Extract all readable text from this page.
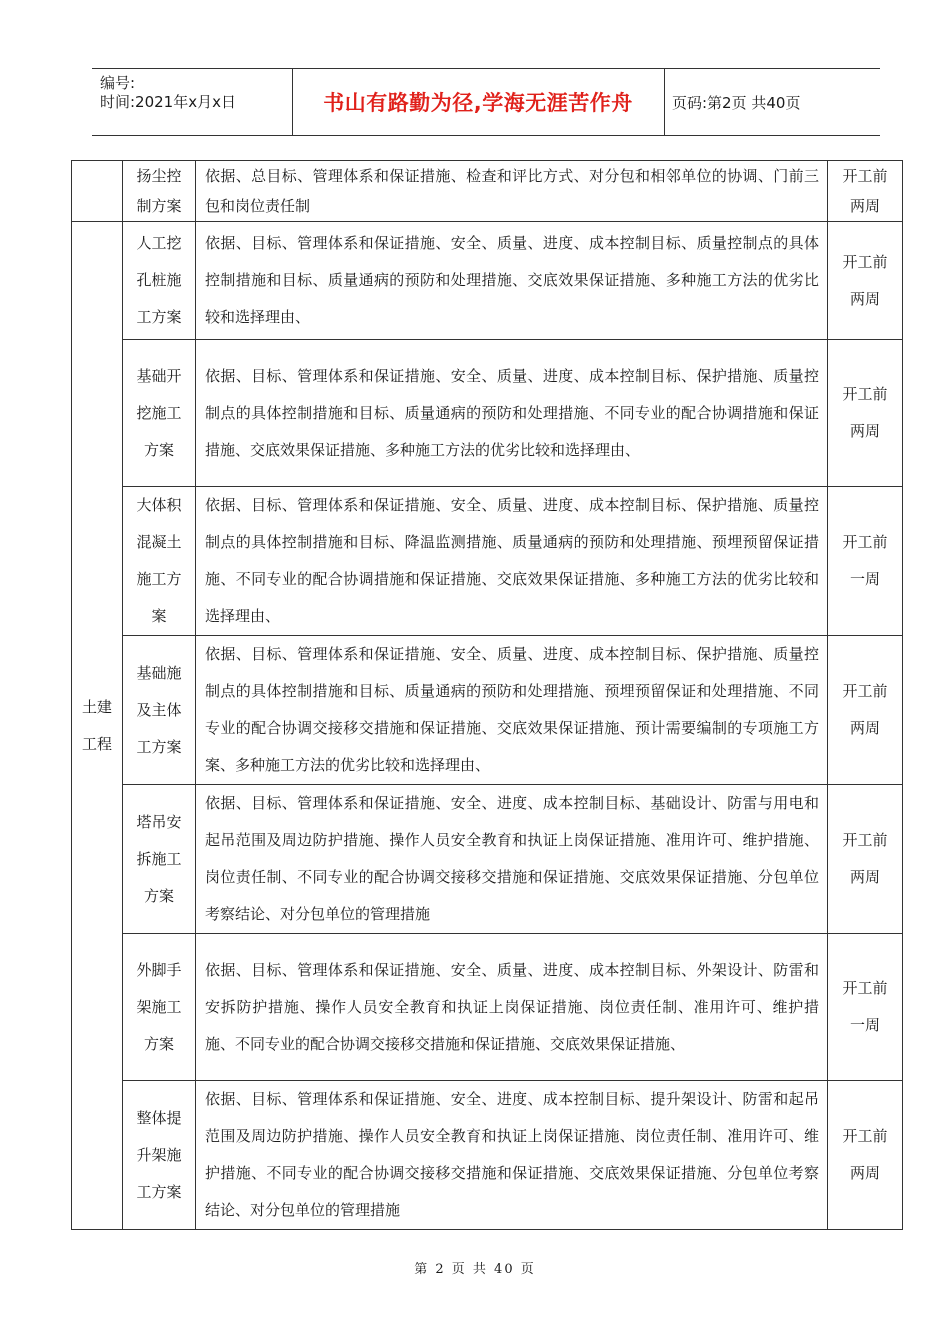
编号:
时间:2021年x月x日	书山有路勤为径,学海无涯苦作舟	页码:第2页 共40页
	扬尘控制方案	依据、总目标、管理体系和保证措施、检查和评比方式、对分包和相邻单位的协调、门前三包和岗位责任制	开工前两周
土建工程	人工挖孔桩施工方案	依据、目标、管理体系和保证措施、安全、质量、进度、成本控制目标、质量控制点的具体控制措施和目标、质量通病的预防和处理措施、交底效果保证措施、多种施工方法的优劣比较和选择理由、	开工前两周
	基础开挖施工方案	依据、目标、管理体系和保证措施、安全、质量、进度、成本控制目标、保护措施、质量控制点的具体控制措施和目标、质量通病的预防和处理措施、不同专业的配合协调措施和保证措施、交底效果保证措施、多种施工方法的优劣比较和选择理由、	开工前两周
	大体积混凝土施工方案	依据、目标、管理体系和保证措施、安全、质量、进度、成本控制目标、保护措施、质量控制点的具体控制措施和目标、降温监测措施、质量通病的预防和处理措施、预埋预留保证措施、不同专业的配合协调措施和保证措施、交底效果保证措施、多种施工方法的优劣比较和选择理由、	开工前一周
	基础施及主体工方案	依据、目标、管理体系和保证措施、安全、质量、进度、成本控制目标、保护措施、质量控制点的具体控制措施和目标、质量通病的预防和处理措施、预埋预留保证和处理措施、不同专业的配合协调交接移交措施和保证措施、交底效果保证措施、预计需要编制的专项施工方案、多种施工方法的优劣比较和选择理由、	开工前两周
	塔吊安拆施工方案	依据、目标、管理体系和保证措施、安全、进度、成本控制目标、基础设计、防雷与用电和起吊范围及周边防护措施、操作人员安全教育和执证上岗保证措施、准用许可、维护措施、岗位责任制、不同专业的配合协调交接移交措施和保证措施、交底效果保证措施、分包单位考察结论、对分包单位的管理措施	开工前两周
	外脚手架施工方案	依据、目标、管理体系和保证措施、安全、质量、进度、成本控制目标、外架设计、防雷和安拆防护措施、操作人员安全教育和执证上岗保证措施、岗位责任制、准用许可、维护措施、不同专业的配合协调交接移交措施和保证措施、交底效果保证措施、	开工前一周
	整体提升架施工方案	依据、目标、管理体系和保证措施、安全、进度、成本控制目标、提升架设计、防雷和起吊范围及周边防护措施、操作人员安全教育和执证上岗保证措施、岗位责任制、准用许可、维护措施、不同专业的配合协调交接移交措施和保证措施、交底效果保证措施、分包单位考察结论、对分包单位的管理措施	开工前两周
第 2 页 共 40 页
